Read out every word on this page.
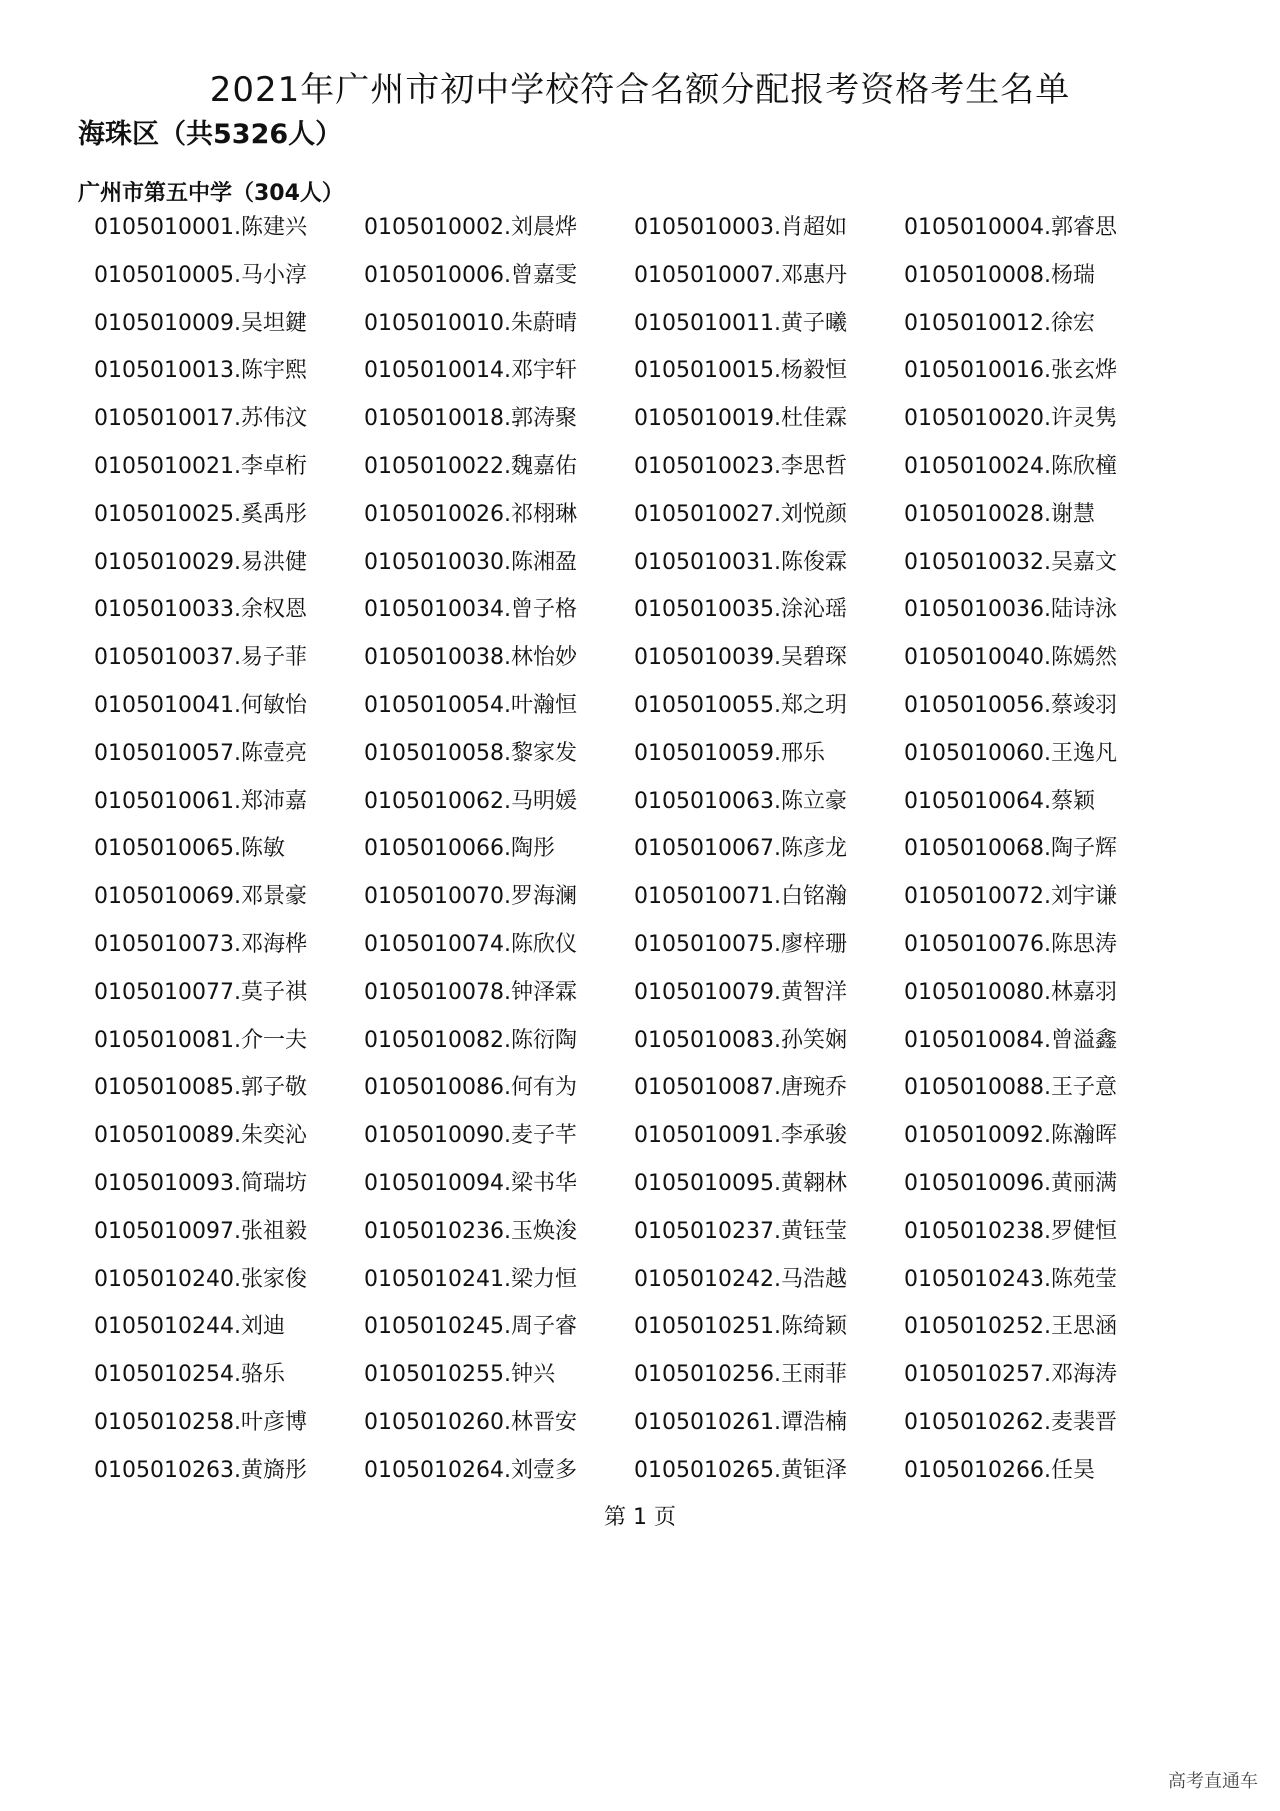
2021年广州市初中学校符合名额分配报考资格考生名单
海珠区（共5326人）
广州市第五中学（304人）
0105010001.陈建兴	0105010002.刘晨烨	0105010003.肖超如	0105010004.郭睿思
0105010005.马小淳	0105010006.曾嘉雯	0105010007.邓惠丹	0105010008.杨瑞
0105010009.吴坦鍵	0105010010.朱蔚晴	0105010011.黄子曦	0105010012.徐宏
0105010013.陈宇熙	0105010014.邓宇轩	0105010015.杨毅恒	0105010016.张玄烨
0105010017.苏伟汶	0105010018.郭涛聚	0105010019.杜佳霖	0105010020.许灵隽
0105010021.李卓桁	0105010022.魏嘉佑	0105010023.李思哲	0105010024.陈欣橦
0105010025.奚禹彤	0105010026.祁栩琳	0105010027.刘悦颜	0105010028.谢慧
0105010029.易洪健	0105010030.陈湘盈	0105010031.陈俊霖	0105010032.吴嘉文
0105010033.余权恩	0105010034.曾子格	0105010035.涂沁瑶	0105010036.陆诗泳
0105010037.易子菲	0105010038.林怡妙	0105010039.吴碧琛	0105010040.陈嫣然
0105010041.何敏怡	0105010054.叶瀚恒	0105010055.郑之玥	0105010056.蔡竣羽
0105010057.陈壹亮	0105010058.黎家发	0105010059.邢乐	0105010060.王逸凡
0105010061.郑沛嘉	0105010062.马明媛	0105010063.陈立豪	0105010064.蔡颖
0105010065.陈敏	0105010066.陶彤	0105010067.陈彦龙	0105010068.陶子辉
0105010069.邓景豪	0105010070.罗海澜	0105010071.白铭瀚	0105010072.刘宇谦
0105010073.邓海桦	0105010074.陈欣仪	0105010075.廖梓珊	0105010076.陈思涛
0105010077.莫子祺	0105010078.钟泽霖	0105010079.黄智洋	0105010080.林嘉羽
0105010081.介一夫	0105010082.陈衍陶	0105010083.孙笑娴	0105010084.曾溢鑫
0105010085.郭子敬	0105010086.何有为	0105010087.唐琬乔	0105010088.王子意
0105010089.朱奕沁	0105010090.麦子芊	0105010091.李承骏	0105010092.陈瀚晖
0105010093.简瑞坊	0105010094.梁书华	0105010095.黄翱林	0105010096.黄丽满
0105010097.张祖毅	0105010236.玉焕浚	0105010237.黄钰莹	0105010238.罗健恒
0105010240.张家俊	0105010241.梁力恒	0105010242.马浩越	0105010243.陈苑莹
0105010244.刘迪	0105010245.周子睿	0105010251.陈绮颖	0105010252.王思涵
0105010254.骆乐	0105010255.钟兴	0105010256.王雨菲	0105010257.邓海涛
0105010258.叶彦博	0105010260.林晋安	0105010261.谭浩楠	0105010262.麦裴晋
0105010263.黄旖彤	0105010264.刘壹多	0105010265.黄钜泽	0105010266.任昊
第 1 页
高考直通车
